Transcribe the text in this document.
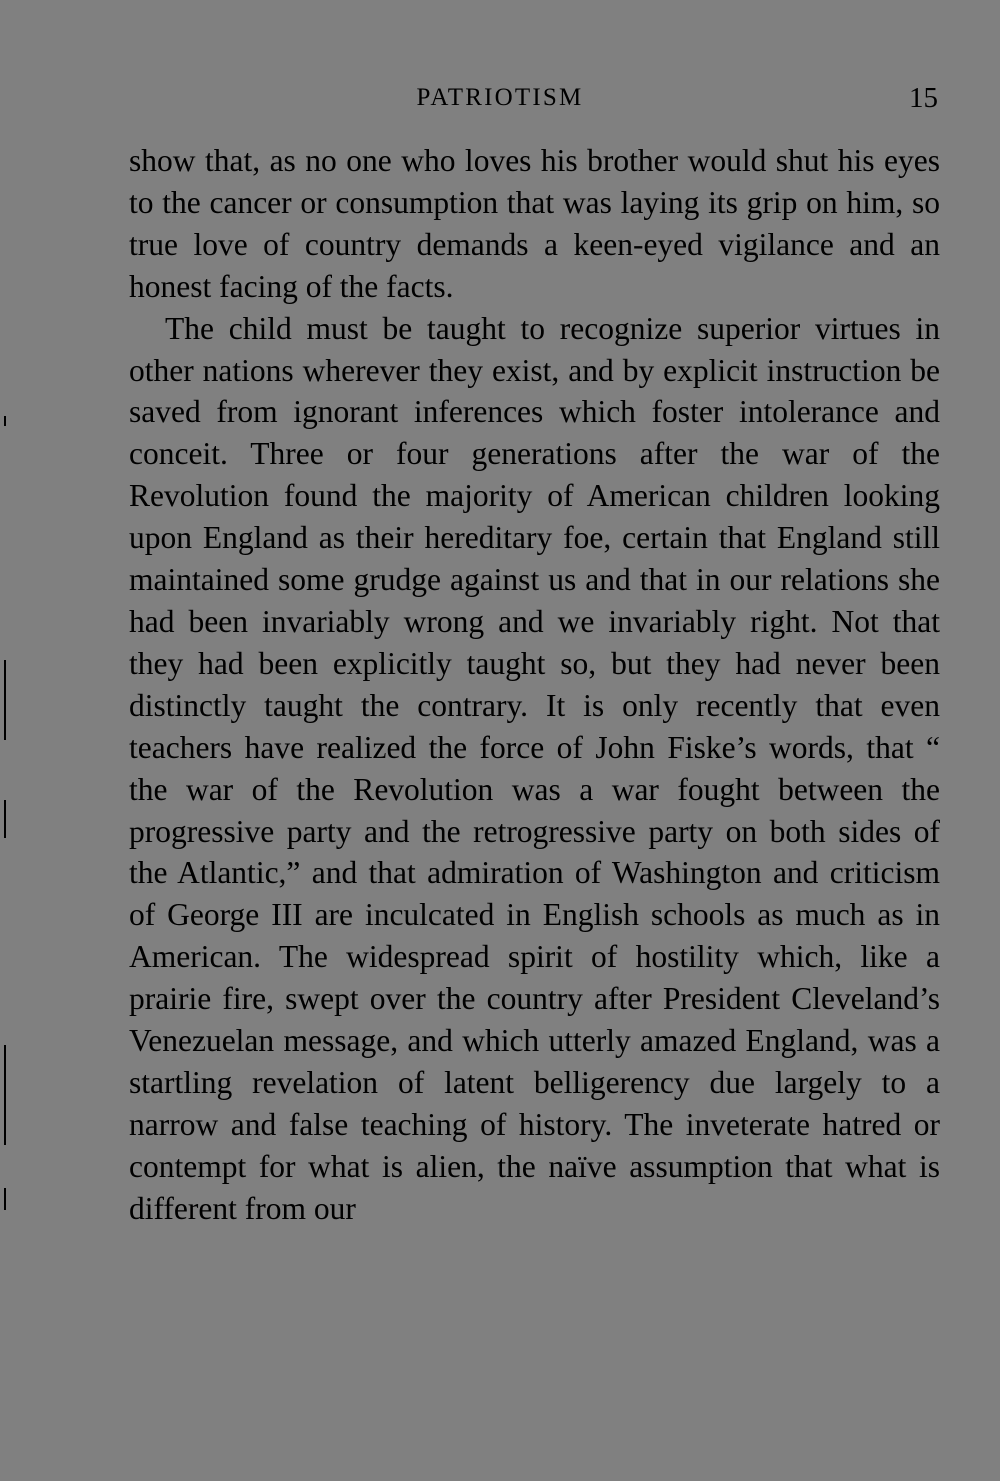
PATRIOTISM	15

show that, as no one who loves his brother would shut his eyes to the cancer or consumption that was laying its grip on him, so true love of country demands a keen-eyed vigilance and an honest facing of the facts.

The child must be taught to recognize superior virtues in other nations wherever they exist, and by explicit instruction be saved from ignorant inferences which foster intolerance and conceit. Three or four generations after the war of the Revolution found the majority of American children looking upon England as their hereditary foe, certain that England still maintained some grudge against us and that in our relations she had been invariably wrong and we invariably right. Not that they had been explicitly taught so, but they had never been distinctly taught the contrary. It is only recently that even teachers have realized the force of John Fiske’s words, that “ the war of the Revolution was a war fought between the progressive party and the retrogressive party on both sides of the Atlantic,” and that admiration of Washington and criticism of George III are inculcated in English schools as much as in American. The widespread spirit of hostility which, like a prairie fire, swept over the country after President Cleveland’s Venezuelan message, and which utterly amazed England, was a startling revelation of latent belligerency due largely to a narrow and false teaching of history. The inveterate hatred or contempt for what is alien, the naïve assumption that what is different from our
